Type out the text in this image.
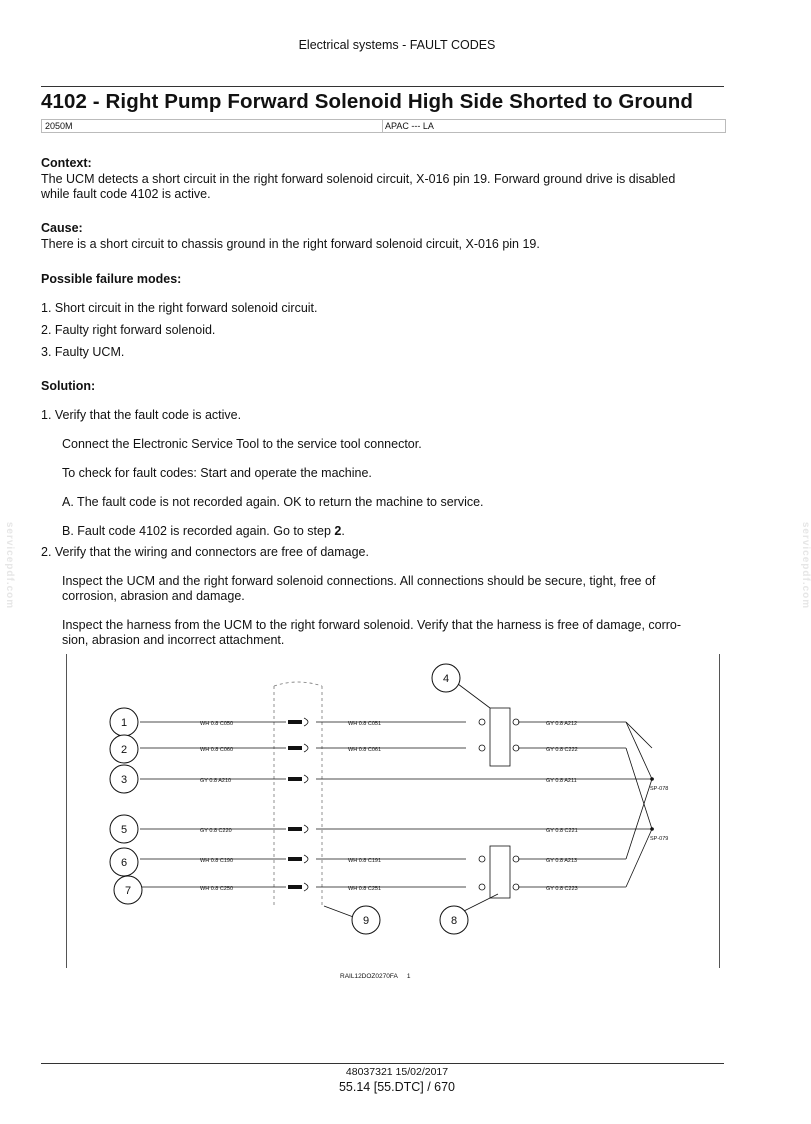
Electrical systems - FAULT CODES
4102 - Right Pump Forward Solenoid High Side Shorted to Ground
2050M	APAC --- LA
Context:
The UCM detects a short circuit in the right forward solenoid circuit, X-016 pin 19. Forward ground drive is disabled
while fault code 4102 is active.
Cause:
There is a short circuit to chassis ground in the right forward solenoid circuit, X-016 pin 19.
Possible failure modes:
1. Short circuit in the right forward solenoid circuit.
2. Faulty right forward solenoid.
3. Faulty UCM.
Solution:
1. Verify that the fault code is active.
Connect the Electronic Service Tool to the service tool connector.
To check for fault codes: Start and operate the machine.
A. The fault code is not recorded again. OK to return the machine to service.
B. Fault code 4102 is recorded again. Go to step 2.
2. Verify that the wiring and connectors are free of damage.
Inspect the UCM and the right forward solenoid connections. All connections should be secure, tight, free of
corrosion, abrasion and damage.
Inspect the harness from the UCM to the right forward solenoid. Verify that the harness is free of damage, corro-
sion, abrasion and incorrect attachment.
servicepdf.com	servicepdf.com
1
2
3
5
6
7
4
8
9
WH 0.8 C050
WH 0.8 C060
GY 0.8 A210
GY 0.8 C220
WH 0.8 C190
WH 0.8 C250
WH 0.8 C051
WH 0.8 C061
WH 0.8 C191
WH 0.8 C251
GY 0.8 A212
GY 0.8 C222
GY 0.8 A211
GY 0.8 C221
GY 0.8 A213
GY 0.8 C223
SP-078
SP-079
RAIL12DOZ0270FA 1
48037321 15/02/2017
55.14 [55.DTC] / 670
